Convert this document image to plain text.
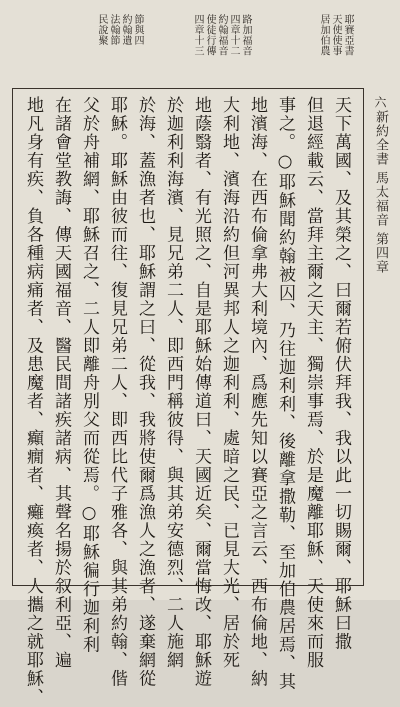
六
新約全書 馬太福音 第四章
耶賽亞書
天使使事
居加伯農
路加福音
四章十二
約翰福音
使徒行傳
四章十三
節與四
約翰遺
法翰節
民說聚
天下萬國、及其榮之、曰爾若俯伏拜我、我以此一切賜爾、耶穌曰撒
但退經載云、當拜主爾之天主、獨崇事焉、於是魔離耶穌、天使來而服
事之。○耶穌聞約翰被囚、乃往迦利利、後離拿撒勒、至加伯農居焉、其
地濱海、在西布倫拿弗大利境內、爲應先知以賽亞之言云、西布倫地、納
大利地、濱海沿約但河異邦人之迦利利、處暗之民、已見大光、居於死
地蔭翳者、有光照之、自是耶穌始傳道曰、天國近矣、爾當悔改、耶穌遊
於迦利利海濱、見兄弟二人、即西門稱彼得、與其弟安德烈、二人施網
於海、蓋漁者也、耶穌謂之曰、從我、我將使爾爲漁人之漁者、遂棄網從
耶穌。耶穌由彼而往、復見兄弟二人、即西比代子雅各、與其弟約翰、偕
父於舟補網、耶穌召之、二人即離舟別父而從焉。○耶穌徧行迦利利
在諸會堂教誨、傳天國福音、醫民間諸疾諸病、其聲名揚於叙利亞、遍
地凡身有疾、負各種病痛者、及患魔者、癲癇者、癱瘓者、人攜之就耶穌、
